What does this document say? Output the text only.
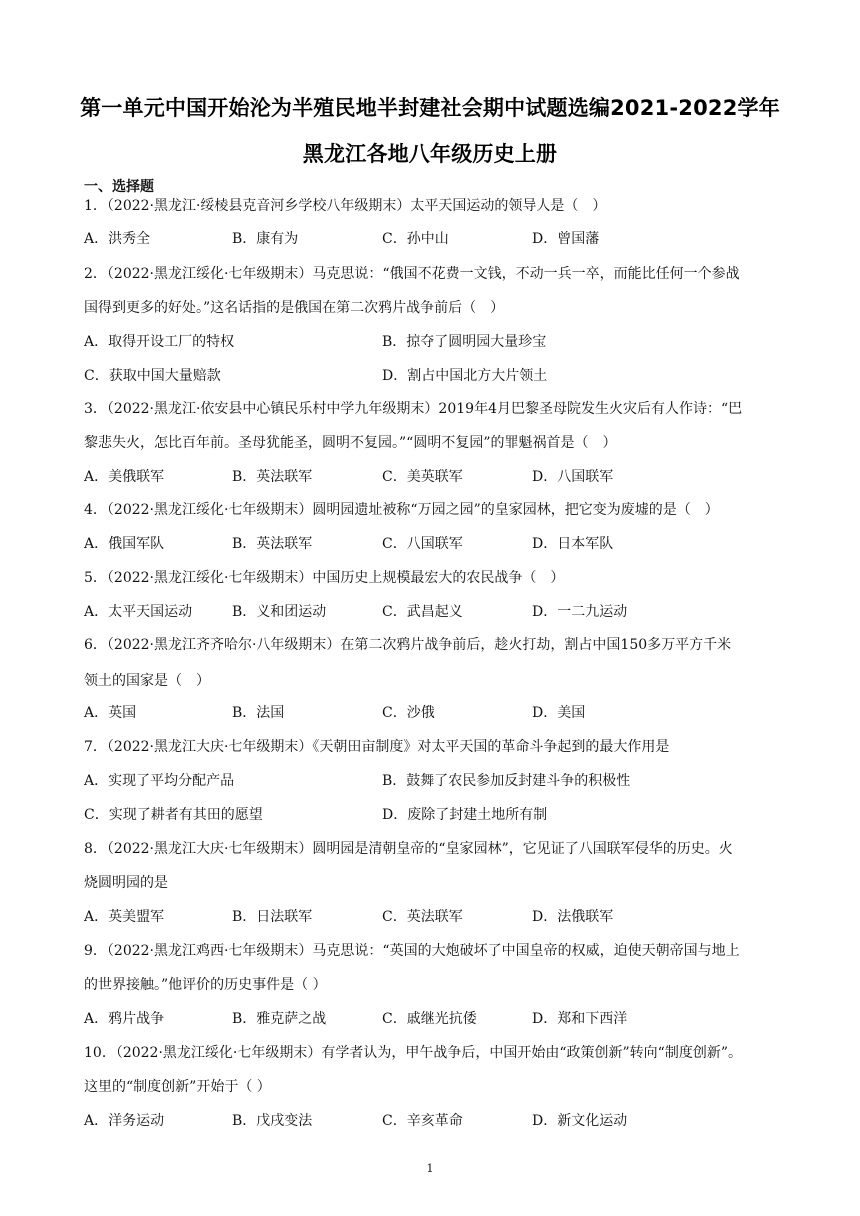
第一单元中国开始沦为半殖民地半封建社会期中试题选编2021-2022学年
黑龙江各地八年级历史上册
一、选择题
1．（2022·黑龙江·绥棱县克音河乡学校八年级期末）太平天国运动的领导人是（　）
A．洪秀全	B．康有为	C．孙中山	D．曾国藩
2．（2022·黑龙江绥化·七年级期末）马克思说：“俄国不花费一文钱，不动一兵一卒，而能比任何一个参战
国得到更多的好处。”这名话指的是俄国在第二次鸦片战争前后（　）
A．取得开设工厂的特权	B．掠夺了圆明园大量珍宝
C．获取中国大量赔款	D．割占中国北方大片领土
3．（2022·黑龙江·依安县中心镇民乐村中学九年级期末）2019年4月巴黎圣母院发生火灾后有人作诗：“巴
黎悲失火，怎比百年前。圣母犹能圣，圆明不复园。”“圆明不复园”的罪魁祸首是（　）
A．美俄联军	B．英法联军	C．美英联军	D．八国联军
4．（2022·黑龙江绥化·七年级期末）圆明园遗址被称“万园之园”的皇家园林，把它变为废墟的是（　）
A．俄国军队	B．英法联军	C．八国联军	D．日本军队
5．（2022·黑龙江绥化·七年级期末）中国历史上规模最宏大的农民战争（　）
A．太平天国运动	B．义和团运动	C．武昌起义	D．一二九运动
6．（2022·黑龙江齐齐哈尔·八年级期末）在第二次鸦片战争前后，趁火打劫，割占中国150多万平方千米
领土的国家是（　）
A．英国	B．法国	C．沙俄	D．美国
7．（2022·黑龙江大庆·七年级期末）《天朝田亩制度》对太平天国的革命斗争起到的最大作用是
A．实现了平均分配产品	B．鼓舞了农民参加反封建斗争的积极性
C．实现了耕者有其田的愿望	D．废除了封建土地所有制
8．（2022·黑龙江大庆·七年级期末）圆明园是清朝皇帝的“皇家园林”，它见证了八国联军侵华的历史。火
烧圆明园的是
A．英美盟军	B．日法联军	C．英法联军	D．法俄联军
9．（2022·黑龙江鸡西·七年级期末）马克思说：“英国的大炮破坏了中国皇帝的权威，迫使天朝帝国与地上
的世界接触。”他评价的历史事件是（ ）
A．鸦片战争	B．雅克萨之战	C．戚继光抗倭	D．郑和下西洋
10．（2022·黑龙江绥化·七年级期末）有学者认为，甲午战争后，中国开始由“政策创新”转向“制度创新”。
这里的“制度创新”开始于（ ）
A．洋务运动	B．戊戌变法	C．辛亥革命	D．新文化运动
1
